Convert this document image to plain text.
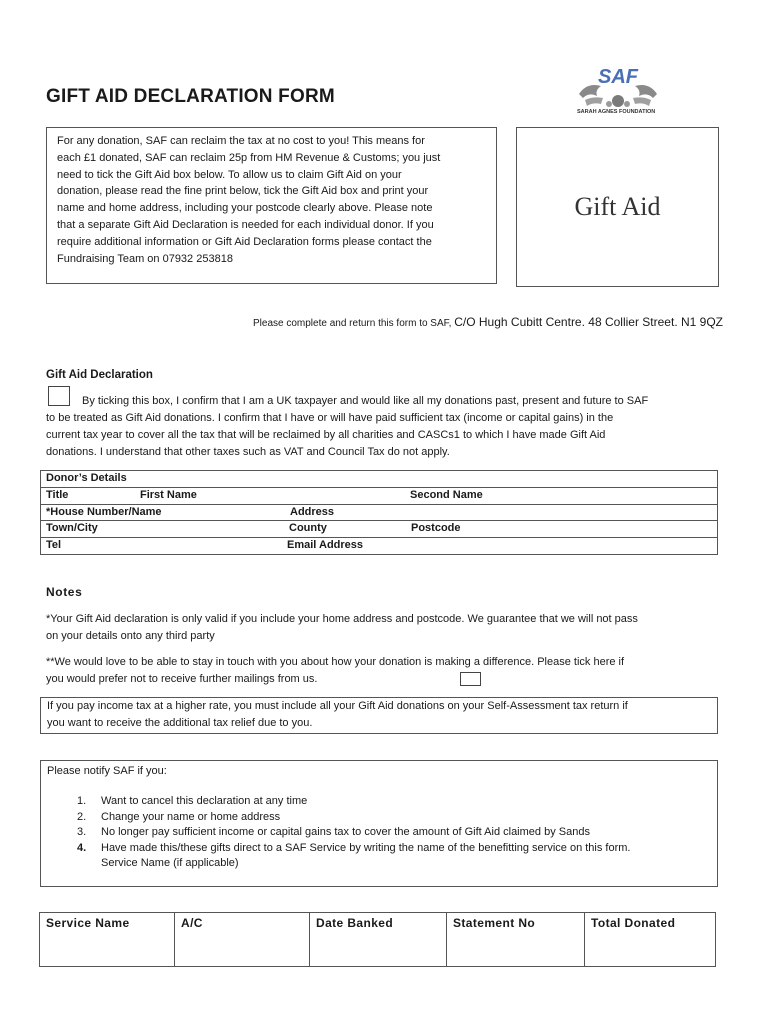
GIFT AID DECLARATION FORM
SAF
SARAH AGNES FOUNDATION
For any donation, SAF can reclaim the tax at no cost to you! This means for
each £1 donated, SAF can reclaim 25p from HM Revenue & Customs; you just
need to tick the Gift Aid box below. To allow us to claim Gift Aid on your
donation, please read the fine print below, tick the Gift Aid box and print your
name and home address, including your postcode clearly above. Please note
that a separate Gift Aid Declaration is needed for each individual donor. If you
require additional information or Gift Aid Declaration forms please contact the
Fundraising Team on 07932 253818
Gift Aid
Please complete and return this form to SAF, C/O Hugh Cubitt Centre. 48 Collier Street. N1 9QZ
Gift Aid Declaration
By ticking this box, I confirm that I am a UK taxpayer and would like all my donations past, present and future to SAF
to be treated as Gift Aid donations. I confirm that I have or will have paid sufficient tax (income or capital gains) in the
current tax year to cover all the tax that will be reclaimed by all charities and CASCs1 to which I have made Gift Aid
donations. I understand that other taxes such as VAT and Council Tax do not apply.
Donor’s Details

Title	First Name	Second Name

*House Number/Name	Address

Town/City	County	Postcode

Tel	Email Address
Notes
*Your Gift Aid declaration is only valid if you include your home address and postcode. We guarantee that we will not pass
on your details onto any third party
**We would love to be able to stay in touch with you about how your donation is making a difference. Please tick here if
you would prefer not to receive further mailings from us.
If you pay income tax at a higher rate, you must include all your Gift Aid donations on your Self-Assessment tax return if
you want to receive the additional tax relief due to you.
Please notify SAF if you:
1. Want to cancel this declaration at any time
2. Change your name or home address
3. No longer pay sufficient income or capital gains tax to cover the amount of Gift Aid claimed by Sands
4. Have made this/these gifts direct to a SAF Service by writing the name of the benefitting service on this form.
Service Name (if applicable)
Service Name	A/C	Date Banked	Statement No	Total Donated
